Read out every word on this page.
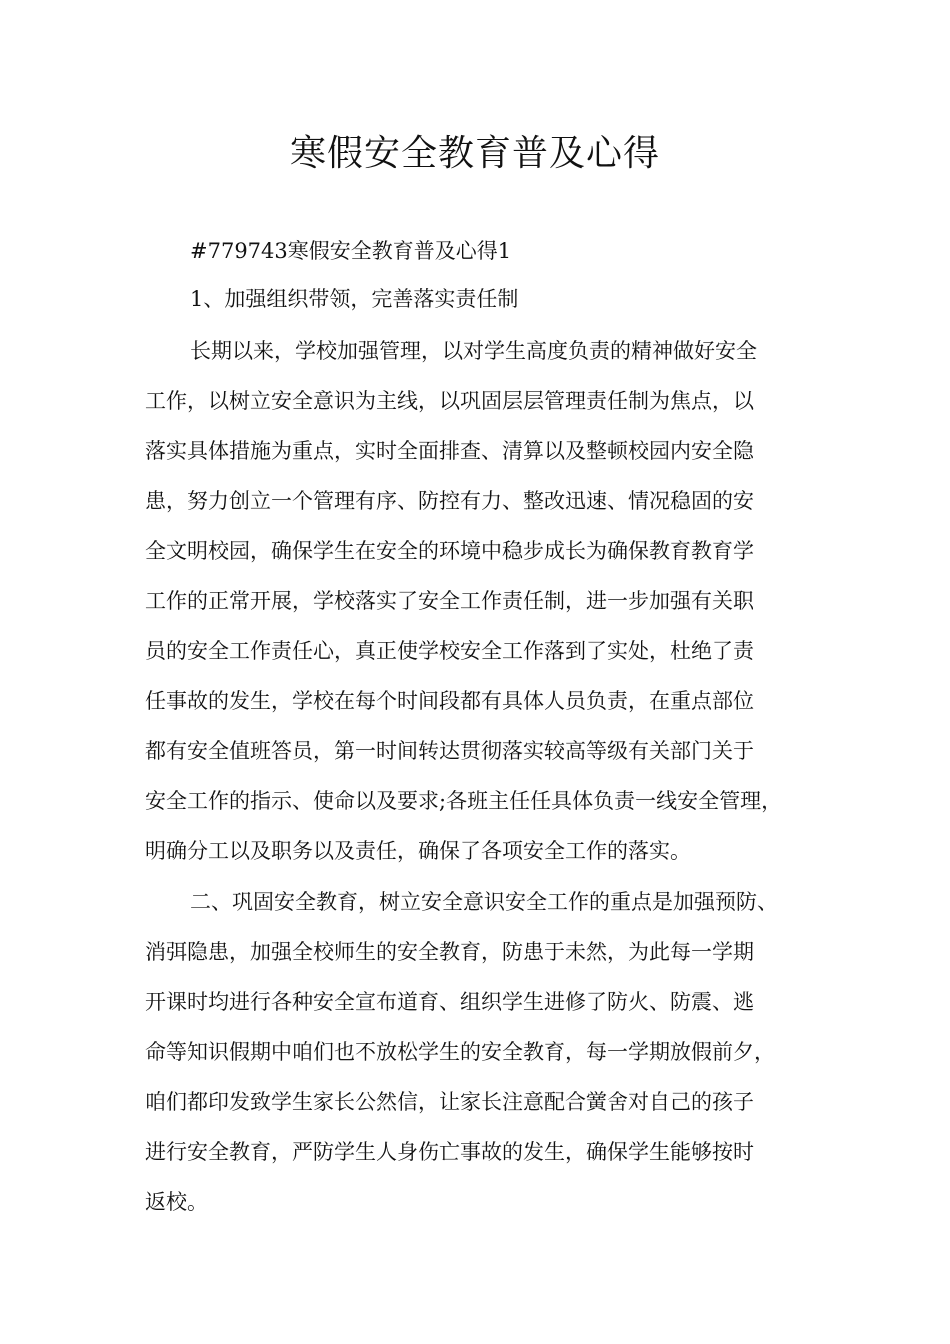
寒假安全教育普及心得

#779743寒假安全教育普及心得1

1、加强组织带领，完善落实责任制

长期以来，学校加强管理，以对学生高度负责的精神做好安全
工作，以树立安全意识为主线，以巩固层层管理责任制为焦点，以
落实具体措施为重点，实时全面排查、清算以及整顿校园内安全隐
患，努力创立一个管理有序、防控有力、整改迅速、情况稳固的安
全文明校园，确保学生在安全的环境中稳步成长为确保教育教育学
工作的正常开展，学校落实了安全工作责任制，进一步加强有关职
员的安全工作责任心，真正使学校安全工作落到了实处，杜绝了责
任事故的发生，学校在每个时间段都有具体人员负责，在重点部位
都有安全值班答员，第一时间转达贯彻落实较高等级有关部门关于
安全工作的指示、使命以及要求;各班主任任具体负责一线安全管理，
明确分工以及职务以及责任，确保了各项安全工作的落实。
二、巩固安全教育，树立安全意识安全工作的重点是加强预防、
消弭隐患，加强全校师生的安全教育，防患于未然，为此每一学期
开课时均进行各种安全宣布道育、组织学生进修了防火、防震、逃
命等知识假期中咱们也不放松学生的安全教育，每一学期放假前夕，
咱们都印发致学生家长公然信，让家长注意配合黉舍对自己的孩子
进行安全教育，严防学生人身伤亡事故的发生，确保学生能够按时
返校。
